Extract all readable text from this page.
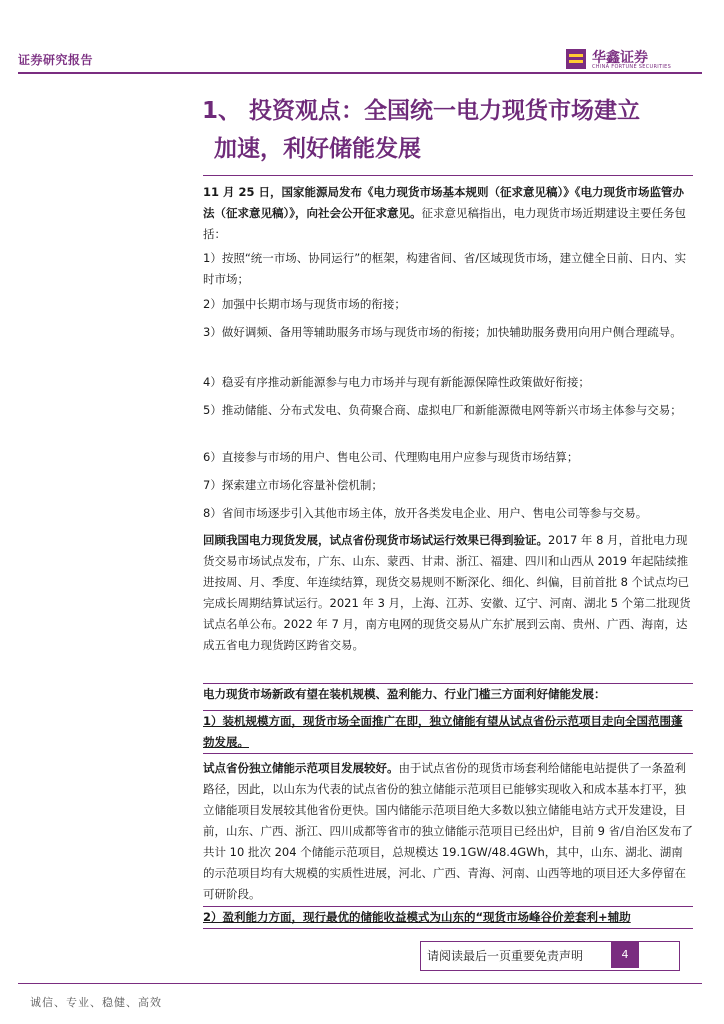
证券研究报告	华鑫证券
CHINA FORTUNE SECURITIES
1、 投资观点：全国统一电力现货市场建立
加速，利好储能发展
11 月 25 日，国家能源局发布《电力现货市场基本规则（征求意见稿）》《电力现货市场监管办法（征求意见稿）》，向社会公开征求意见。征求意见稿指出，电力现货市场近期建设主要任务包括：
1）按照“统一市场、协同运行”的框架，构建省间、省/区域现货市场，建立健全日前、日内、实时市场；
2）加强中长期市场与现货市场的衔接；
3）做好调频、备用等辅助服务市场与现货市场的衔接；加快辅助服务费用向用户侧合理疏导。
4）稳妥有序推动新能源参与电力市场并与现有新能源保障性政策做好衔接；
5）推动储能、分布式发电、负荷聚合商、虚拟电厂和新能源微电网等新兴市场主体参与交易；
6）直接参与市场的用户、售电公司、代理购电用户应参与现货市场结算；
7）探索建立市场化容量补偿机制；
8）省间市场逐步引入其他市场主体，放开各类发电企业、用户、售电公司等参与交易。
回顾我国电力现货发展，试点省份现货市场试运行效果已得到验证。2017 年 8 月，首批电力现货交易市场试点发布，广东、山东、蒙西、甘肃、浙江、福建、四川和山西从 2019 年起陆续推进按周、月、季度、年连续结算，现货交易规则不断深化、细化、纠偏，目前首批 8 个试点均已完成长周期结算试运行。2021 年 3 月，上海、江苏、安徽、辽宁、河南、湖北 5 个第二批现货试点名单公布。2022 年 7 月，南方电网的现货交易从广东扩展到云南、贵州、广西、海南，达成五省电力现货跨区跨省交易。
电力现货市场新政有望在装机规模、盈利能力、行业门槛三方面利好储能发展：
1）装机规模方面，现货市场全面推广在即，独立储能有望从试点省份示范项目走向全国范围蓬勃发展。
试点省份独立储能示范项目发展较好。由于试点省份的现货市场套利给储能电站提供了一条盈利路径，因此，以山东为代表的试点省份的独立储能示范项目已能够实现收入和成本基本打平，独立储能项目发展较其他省份更快。国内储能示范项目绝大多数以独立储能电站方式开发建设，目前，山东、广西、浙江、四川成都等省市的独立储能示范项目已经出炉，目前 9 省/自治区发布了共计 10 批次 204 个储能示范项目，总规模达 19.1GW/48.4GWh，其中，山东、湖北、湖南的示范项目均有大规模的实质性进展，河北、广西、青海、河南、山西等地的项目还大多停留在可研阶段。
2）盈利能力方面，现行最优的储能收益模式为山东的“现货市场峰谷价差套利+辅助
请阅读最后一页重要免责声明	4
诚信、专业、稳健、高效
